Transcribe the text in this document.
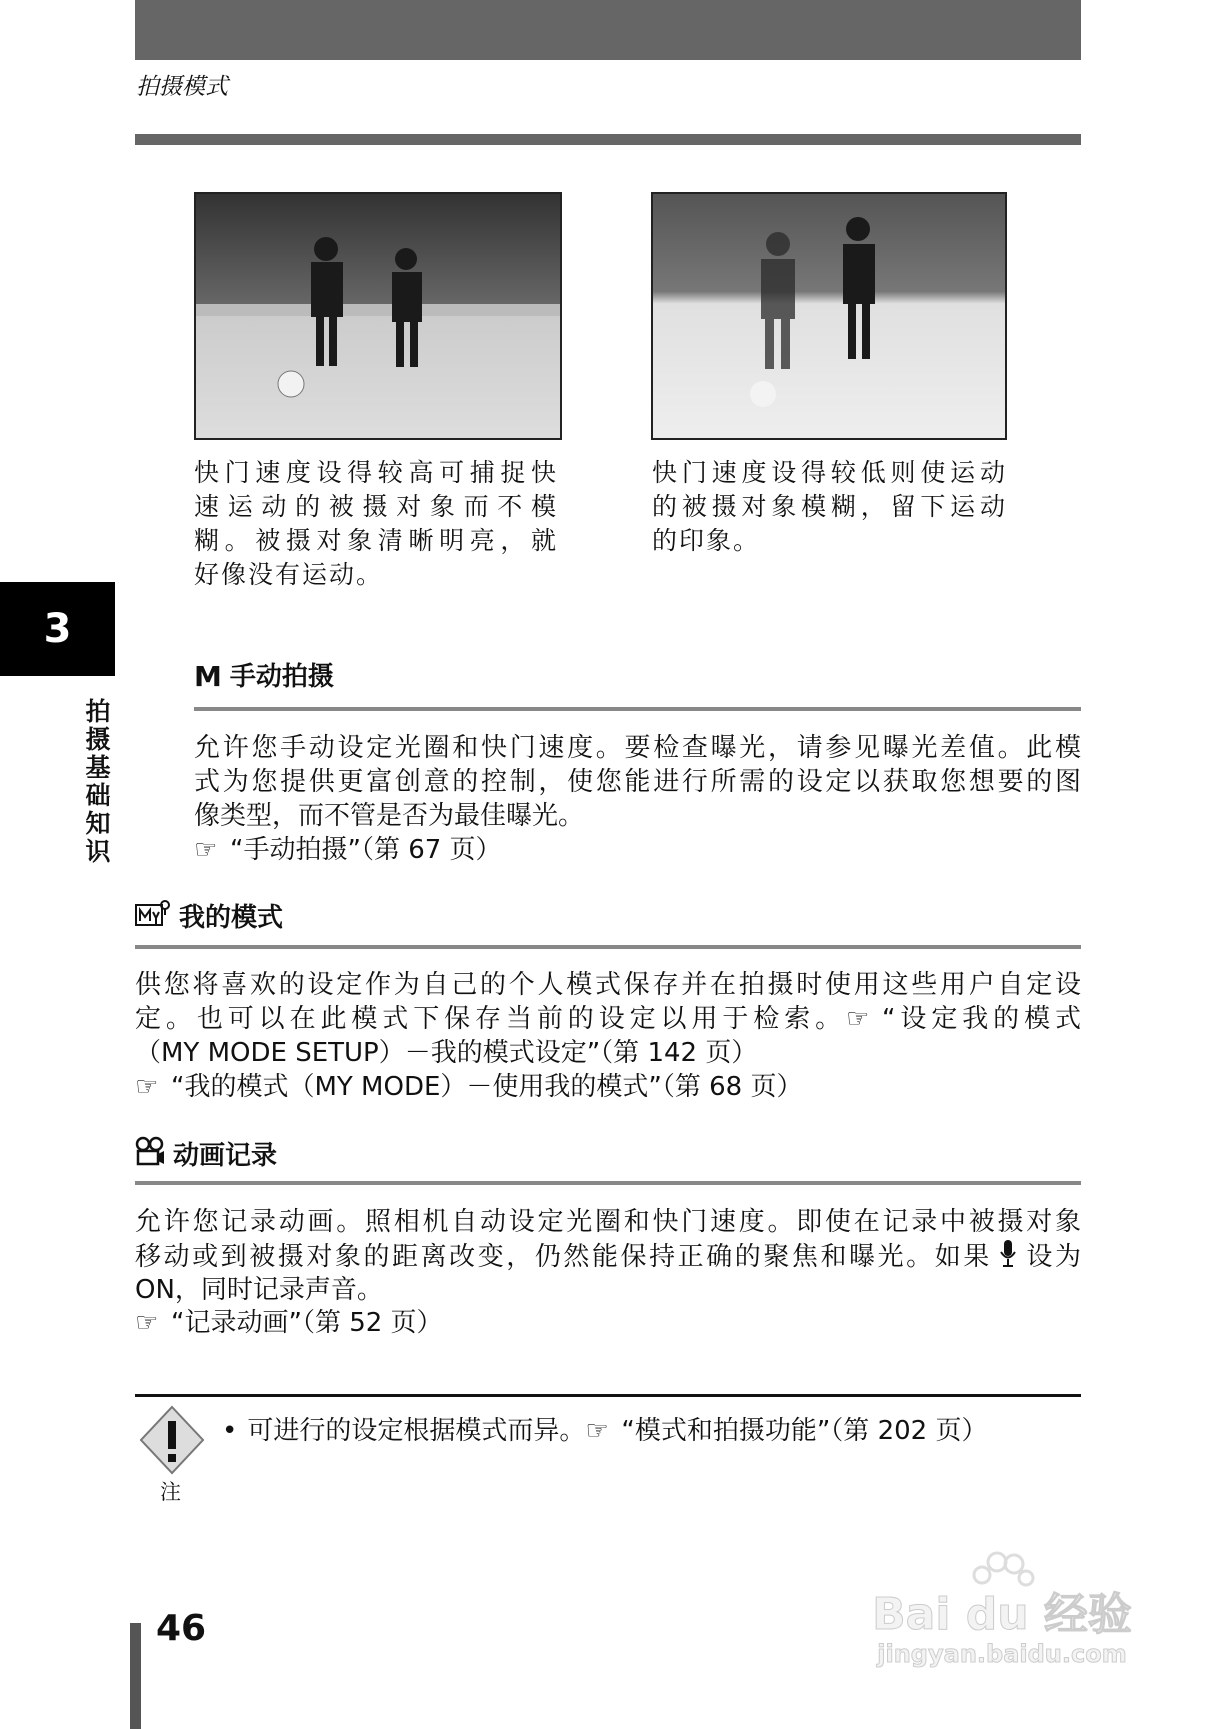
拍摄模式
3
拍摄基础知识
快门速度设得较高可捕捉快
速运动的被摄对象而不模
糊。被摄对象清晰明亮，就
好像没有运动。
快门速度设得较低则使运动
的被摄对象模糊，留下运动
的印象。
M 手动拍摄
允许您手动设定光圈和快门速度。要检查曝光，请参见曝光差值。此模
式为您提供更富创意的控制，使您能进行所需的设定以获取您想要的图
像类型，而不管是否为最佳曝光。
☞ “手动拍摄”（第 67 页）
我的模式
供您将喜欢的设定作为自己的个人模式保存并在拍摄时使用这些用户自定设
定。也可以在此模式下保存当前的设定以用于检索。☞ “设定我的模式
（MY MODE SETUP）－我的模式设定”（第 142 页）
☞ “我的模式（MY MODE）－使用我的模式”（第 68 页）
动画记录
允许您记录动画。照相机自动设定光圈和快门速度。即使在记录中被摄对象
移动或到被摄对象的距离改变，仍然能保持正确的聚焦和曝光。如果 设为
ON，同时记录声音。
☞ “记录动画”（第 52 页）
注
• 可进行的设定根据模式而异。☞ “模式和拍摄功能”（第 202 页）
46	Bai du 经验
jingyan.baidu.com
